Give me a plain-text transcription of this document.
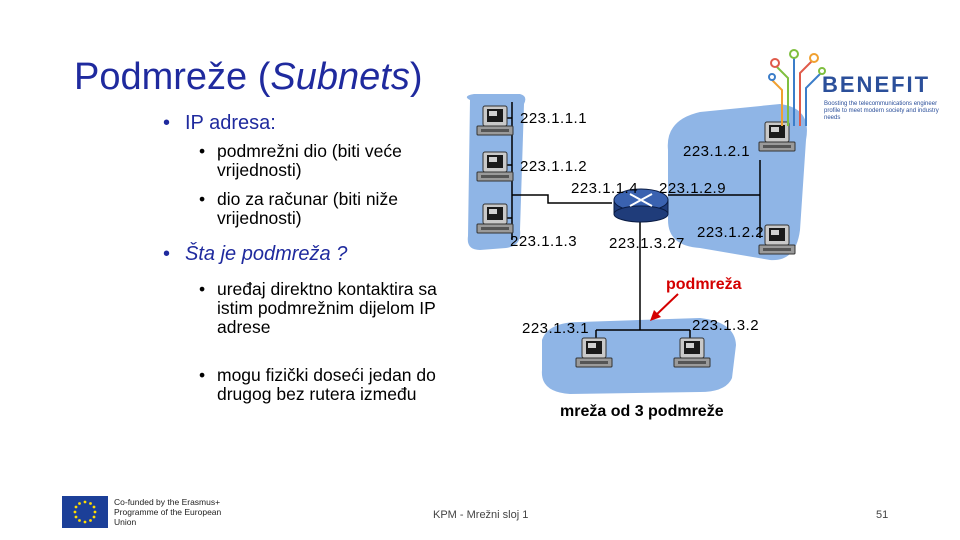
Podmreže (Subnets)
• IP adresa:
• podmrežni dio (biti veće vrijednosti)
• dio za računar (biti niže vrijednosti)
• Šta je podmreža ?
• uređaj direktno kontaktira sa istim podmrežnim dijelom IP adrese
• mogu fizički doseći jedan do drugog bez rutera između
223.1.1.1
223.1.1.2
223.1.1.4
223.1.1.3
223.1.2.1
223.1.2.9
223.1.2.2
223.1.3.27
223.1.3.1	223.1.3.2
podmreža
mreža od 3 podmreže
BENEFIT
Boosting the telecommunications engineer profile to meet modern society and industry needs
Co-funded by the Erasmus+ Programme of the European Union
KPM - Mrežni sloj 1	51
